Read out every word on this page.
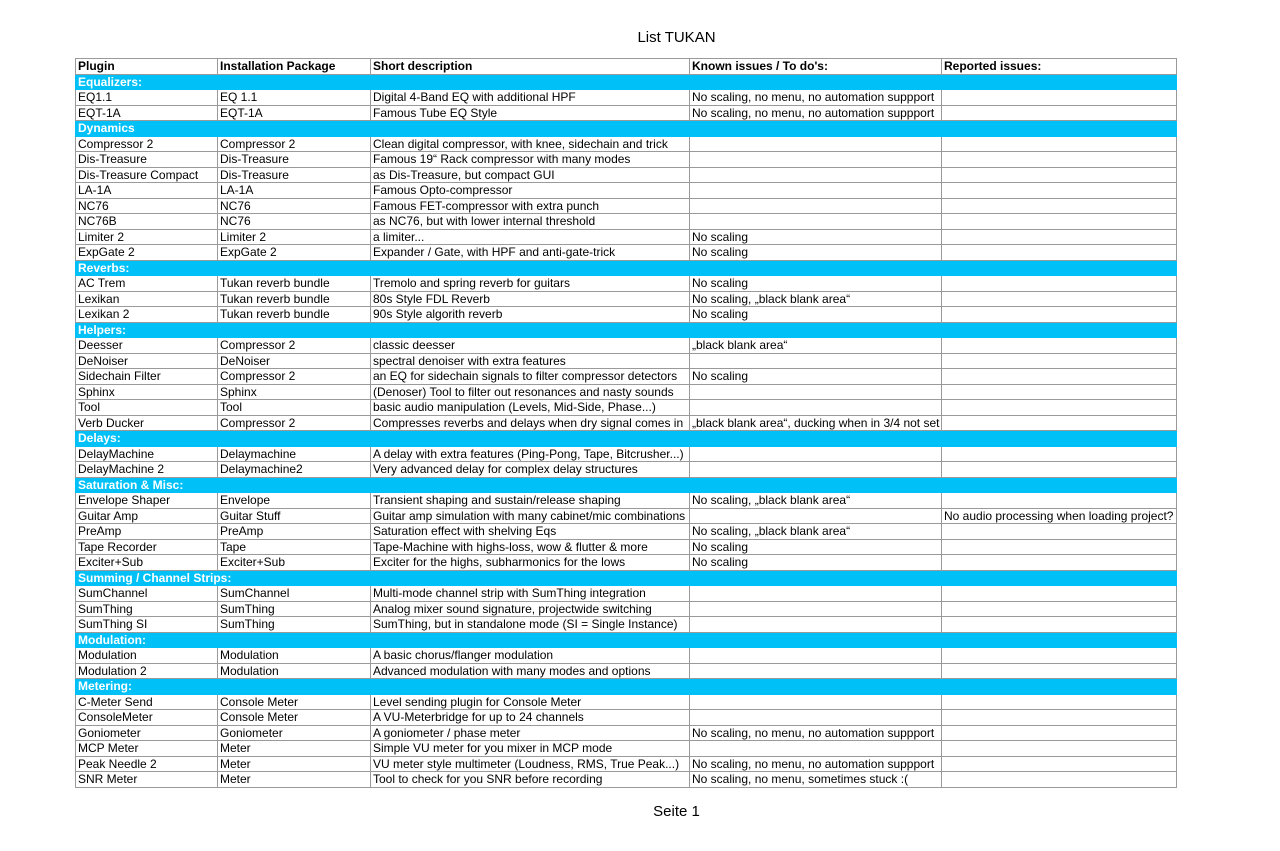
List TUKAN
Plugin	Installation Package	Short description	Known issues / To do's:	Reported issues:
Equalizers:				
EQ1.1	EQ 1.1	Digital 4-Band EQ with additional HPF	No scaling, no menu, no automation suppport	
EQT-1A	EQT-1A	Famous Tube EQ Style	No scaling, no menu, no automation suppport	
Dynamics				
Compressor 2	Compressor 2	Clean digital compressor, with knee, sidechain and trick		
Dis-Treasure	Dis-Treasure	Famous 19“ Rack compressor with many modes		
Dis-Treasure Compact	Dis-Treasure	as Dis-Treasure, but compact GUI		
LA-1A	LA-1A	Famous Opto-compressor		
NC76	NC76	Famous FET-compressor with extra punch		
NC76B	NC76	as NC76, but with lower internal threshold		
Limiter 2	Limiter 2	a limiter...	No scaling	
ExpGate 2	ExpGate 2	Expander / Gate, with HPF and anti-gate-trick	No scaling	
Reverbs:				
AC Trem	Tukan reverb bundle	Tremolo and spring reverb for guitars	No scaling	
Lexikan	Tukan reverb bundle	80s Style FDL Reverb	No scaling, „black blank area“	
Lexikan 2	Tukan reverb bundle	90s Style algorith reverb	No scaling	
Helpers:				
Deesser	Compressor 2	classic deesser	„black blank area“	
DeNoiser	DeNoiser	spectral denoiser with extra features		
Sidechain Filter	Compressor 2	an EQ for sidechain signals to filter compressor detectors	No scaling	
Sphinx	Sphinx	(Denoser) Tool to filter out resonances and nasty sounds		
Tool	Tool	basic audio manipulation (Levels, Mid-Side, Phase...)		
Verb Ducker	Compressor 2	Compresses reverbs and delays when dry signal comes in	„black blank area“, ducking when in 3/4 not set	
Delays:				
DelayMachine	Delaymachine	A delay with extra features (Ping-Pong, Tape, Bitcrusher...)		
DelayMachine 2	Delaymachine2	Very advanced delay for complex delay structures		
Saturation & Misc:				
Envelope Shaper	Envelope	Transient shaping and sustain/release shaping	No scaling, „black blank area“	
Guitar Amp	Guitar Stuff	Guitar amp simulation with many cabinet/mic combinations		No audio processing when loading project?
PreAmp	PreAmp	Saturation effect with shelving Eqs	No scaling, „black blank area“	
Tape Recorder	Tape	Tape-Machine with highs-loss, wow & flutter & more	No scaling	
Exciter+Sub	Exciter+Sub	Exciter for the highs, subharmonics for the lows	No scaling	
Summing / Channel Strips:				
SumChannel	SumChannel	Multi-mode channel strip with SumThing integration		
SumThing	SumThing	Analog mixer sound signature, projectwide switching		
SumThing SI	SumThing	SumThing, but in standalone mode (SI = Single Instance)		
Modulation:				
Modulation	Modulation	A basic chorus/flanger modulation		
Modulation 2	Modulation	Advanced modulation with many modes and options		
Metering:				
C-Meter Send	Console Meter	Level sending plugin for Console Meter		
ConsoleMeter	Console Meter	A VU-Meterbridge for up to 24 channels		
Goniometer	Goniometer	A goniometer / phase meter	No scaling, no menu, no automation suppport	
MCP Meter	Meter	Simple VU meter for you mixer in MCP mode		
Peak Needle 2	Meter	VU meter style multimeter (Loudness, RMS, True Peak...)	No scaling, no menu, no automation suppport	
SNR Meter	Meter	Tool to check for you SNR before recording	No scaling, no menu, sometimes stuck :(	
Seite 1
